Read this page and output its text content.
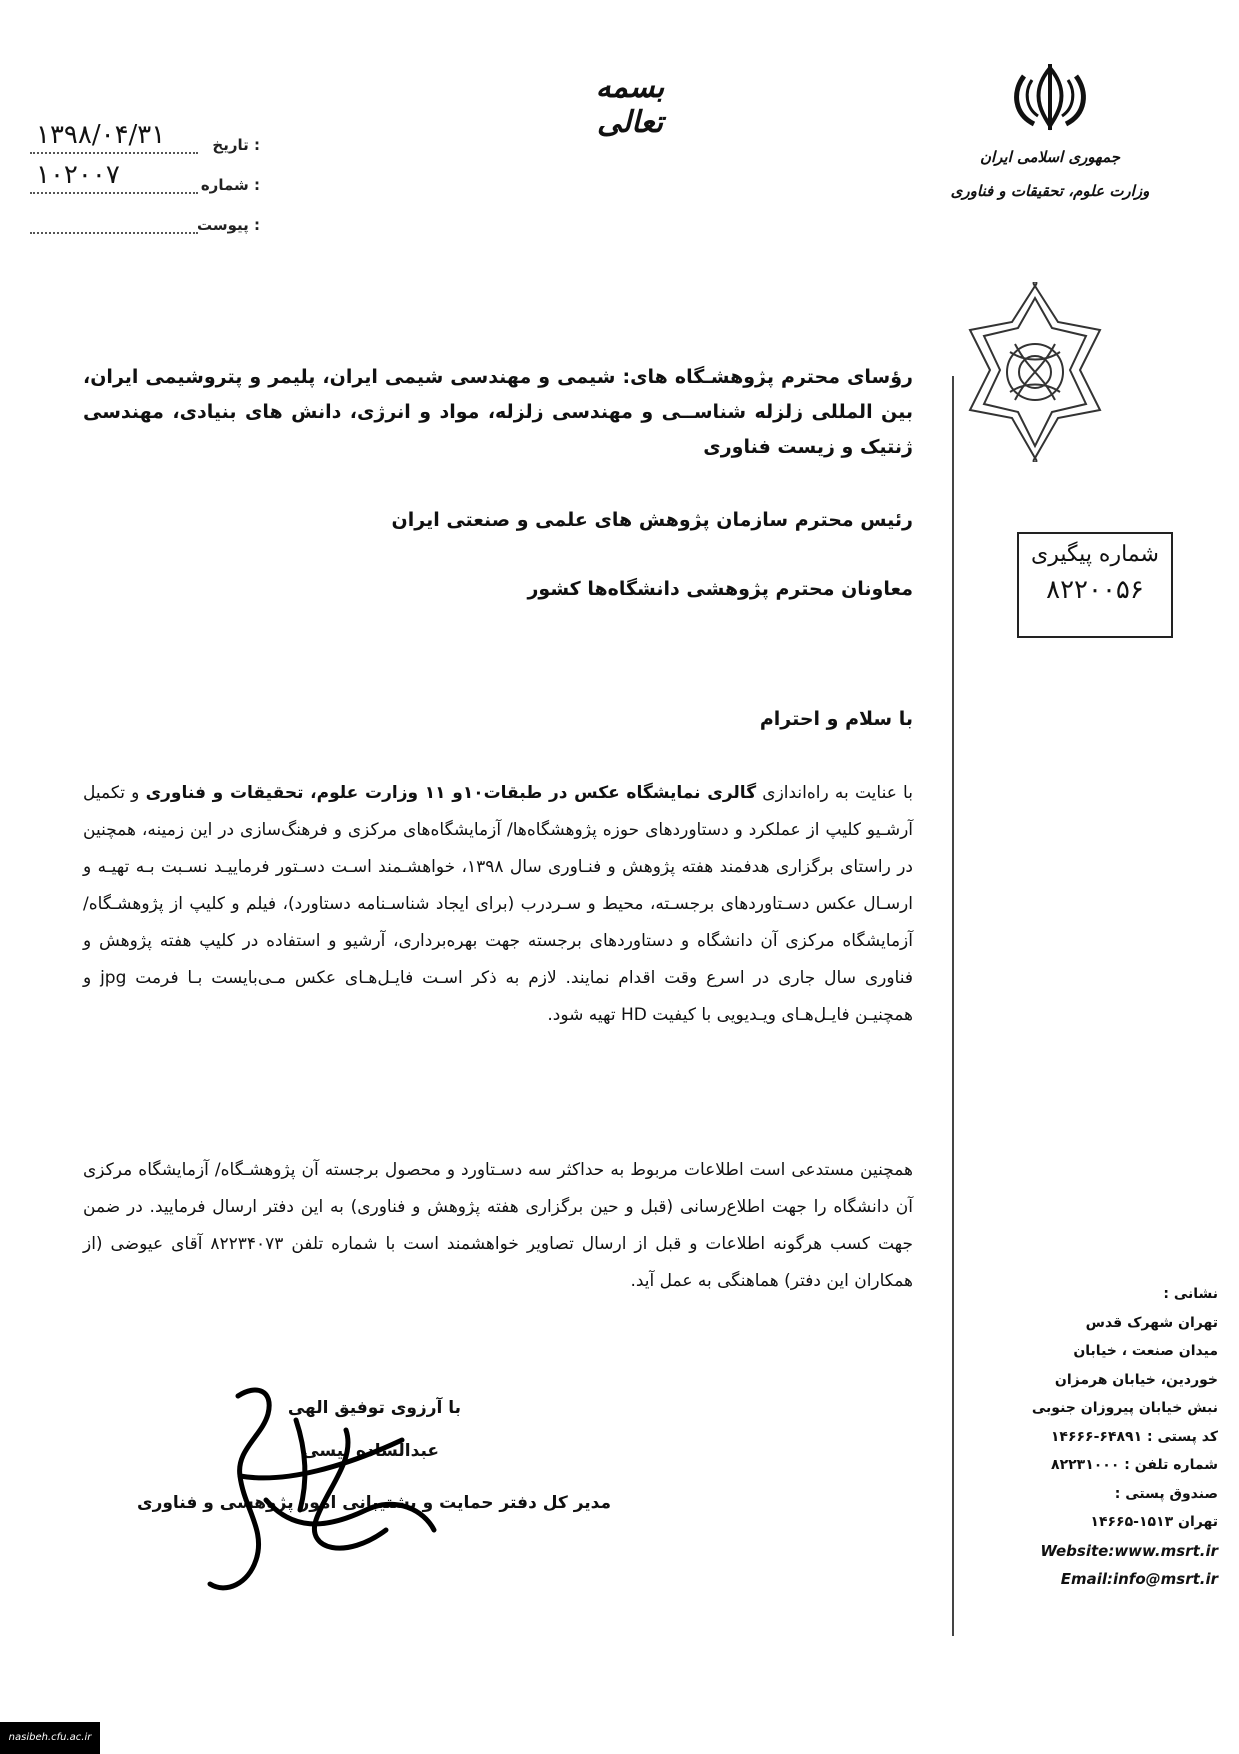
بسمه تعالی
۱۳۹۸/۰۴/۳۱	تاریخ :
۱۰۲۰۰۷	شماره :
پیوست :
جمهوری اسلامی ایران
وزارت علوم، تحقیقات و فناوری
شماره پیگیری
۸۲۲۰۰۵۶
رؤسای محترم پژوهشـگاه های: شیمی و مهندسی شیمی ایران، پلیمر و پتروشیمی ایران، بین المللی زلزله شناســی و مهندسی زلزله، مواد و انرژی، دانش های بنیادی، مهندسی ژنتیک و زیست فناوری
رئیس محترم سازمان پژوهش های علمی و صنعتی ایران
معاونان محترم پژوهشی دانشگاه‌ها کشور
با سلام و احترام
با عنایت به راه‌اندازی گالری نمایشگاه عکس در طبقات۱۰و ۱۱ وزارت علوم، تحقیقات و فناوری و تکمیل آرشـیو کلیپ از عملکرد و دستاوردهای حوزه پژوهشگاه‌ها/ آزمایشگاه‌های مرکزی و فرهنگ‌سازی در این زمینه، همچنین در راستای برگزاری هدفمند هفته پژوهش و فنـاوری سال ۱۳۹۸، خواهشـمند اسـت دسـتور فرماییـد نسـبت بـه تهیـه و ارسـال عکس دسـتاوردهای برجسـته، محیط و سـردرب (برای ایجاد شناسـنامه دستاورد)، فیلم و کلیپ از پژوهشـگاه/ آزمایشگاه مرکزی آن دانشگاه و دستاوردهای برجسته جهت بهره‌برداری، آرشیو و استفاده در کلیپ هفته پژوهش و فناوری سال جاری در اسرع وقت اقدام نمایند. لازم به ذکر اسـت فایـل‌هـای عکس مـی‌بایست بـا فرمت jpg و همچنیـن فایـل‌هـای ویـدیویی با کیفیت HD تهیه شود.
همچنین مستدعی است اطلاعات مربوط به حداکثر سه دسـتاورد و محصول برجسته آن پژوهشـگاه/ آزمایشگاه مرکزی آن دانشگاه را جهت اطلاع‌رسانی (قبل و حین برگزاری هفته پژوهش و فناوری) به این دفتر ارسال فرمایید. در ضمن جهت کسب هرگونه اطلاعات و قبل از ارسال تصاویر خواهشمند است با شماره تلفن ۸۲۲۳۴۰۷۳ آقای عیوضی (از همکاران این دفتر) هماهنگی به عمل آید.
با آرزوی توفیق الهی
عبدالساده نیسی
مدیر کل دفتر حمایت و پشتیبانی امور پژوهشی و فناوری
نشانی :
تهران شهرک قدس
میدان صنعت ، خیابان
خوردین، خیابان هرمزان
نبش خیابان پیروزان جنوبی
کد پستی : ۶۴۸۹۱-۱۴۶۶۶
شماره تلفن : ۸۲۲۳۱۰۰۰
صندوق پستی :
تهران ۱۵۱۳-۱۴۶۶۵
Website:www.msrt.ir
Email:info@msrt.ir
nasibeh.cfu.ac.ir
